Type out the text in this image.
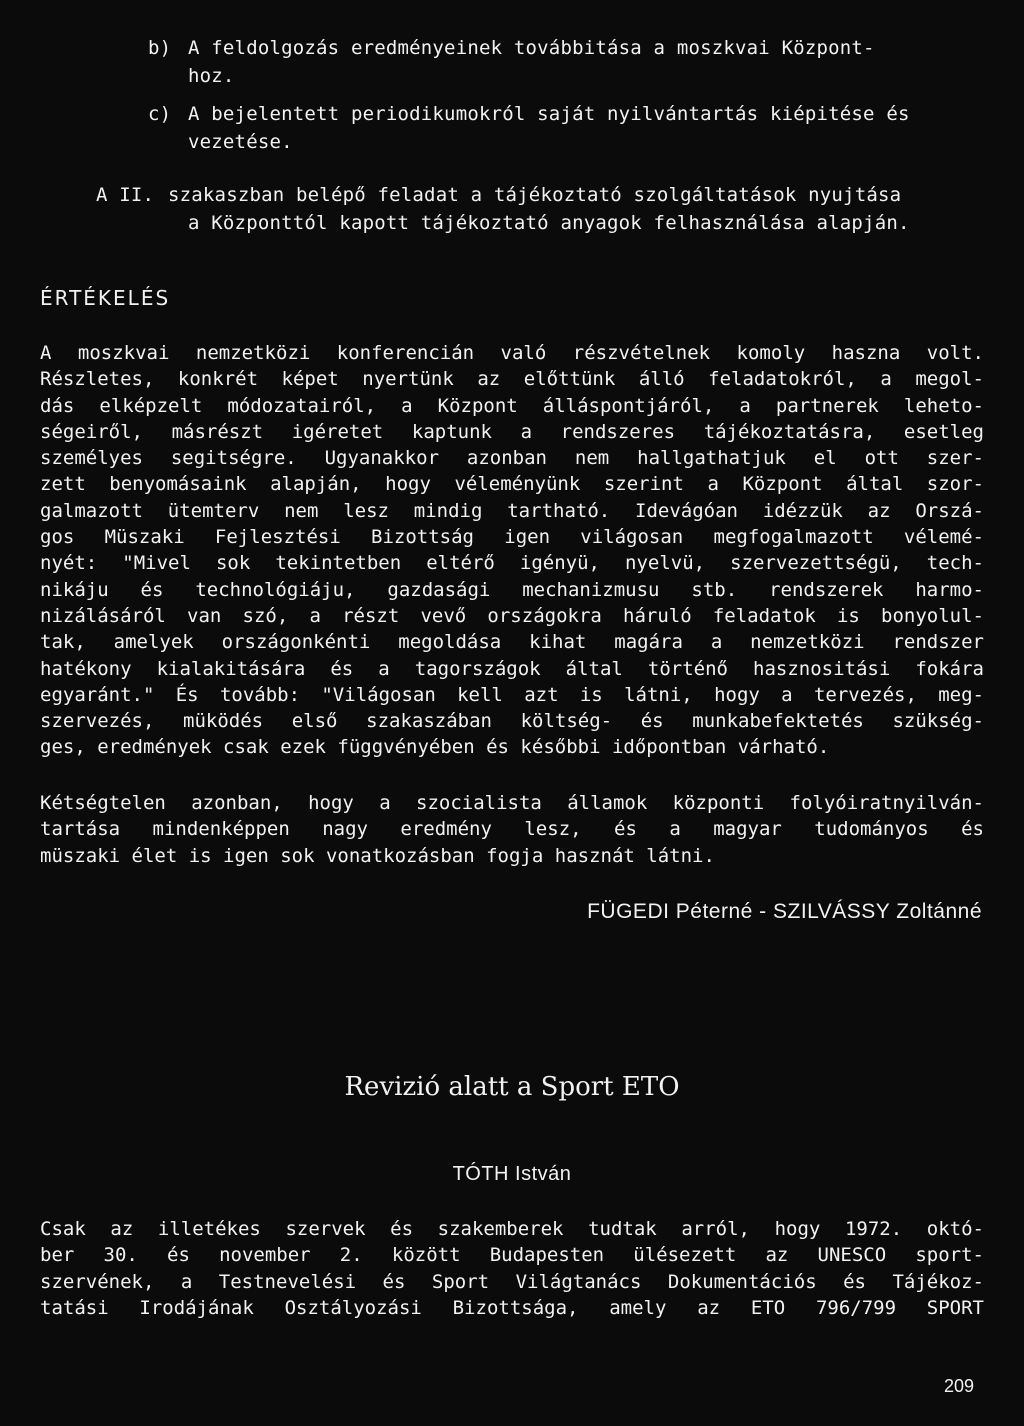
b) A feldolgozás eredményeinek továbbitása a moszkvai Központ-
hoz.
c) A bejelentett periodikumokról saját nyilvántartás kiépitése és
vezetése.
A II. szakaszban belépő feladat a tájékoztató szolgáltatások nyujtása
a Központtól kapott tájékoztató anyagok felhasználása alapján.
ÉRTÉKELÉS
A moszkvai nemzetközi konferencián való részvételnek komoly haszna volt.
Részletes, konkrét képet nyertünk az előttünk álló feladatokról, a megol-
dás elképzelt módozatairól, a Központ álláspontjáról, a partnerek leheto-
ségeiről, másrészt igéretet kaptunk a rendszeres tájékoztatásra, esetleg
személyes segitségre. Ugyanakkor azonban nem hallgathatjuk el ott szer-
zett benyomásaink alapján, hogy véleményünk szerint a Központ által szor-
galmazott ütemterv nem lesz mindig tartható. Idevágóan idézzük az Orszá-
gos Müszaki Fejlesztési Bizottság igen világosan megfogalmazott vélemé-
nyét: "Mivel sok tekintetben eltérő igényü, nyelvü, szervezettségü, tech-
nikáju és technológiáju, gazdasági mechanizmusu stb. rendszerek harmo-
nizálásáról van szó, a részt vevő országokra háruló feladatok is bonyolul-
tak, amelyek országonkénti megoldása kihat magára a nemzetközi rendszer
hatékony kialakitására és a tagországok által történő hasznositási fokára
egyaránt." És tovább: "Világosan kell azt is látni, hogy a tervezés, meg-
szervezés, müködés első szakaszában költség- és munkabefektetés szükség-
ges, eredmények csak ezek függvényében és későbbi időpontban várható.
Kétségtelen azonban, hogy a szocialista államok központi folyóiratnyilván-
tartása mindenképpen nagy eredmény lesz, és a magyar tudományos és
müszaki élet is igen sok vonatkozásban fogja hasznát látni.
FÜGEDI Péterné - SZILVÁSSY Zoltánné
Revizió alatt a Sport ETO
TÓTH István
Csak az illetékes szervek és szakemberek tudtak arról, hogy 1972. októ-
ber 30. és november 2. között Budapesten ülésezett az UNESCO sport-
szervének, a Testnevelési és Sport Világtanács Dokumentációs és Tájékoz-
tatási Irodájának Osztályozási Bizottsága, amely az ETO 796/799 SPORT
209
